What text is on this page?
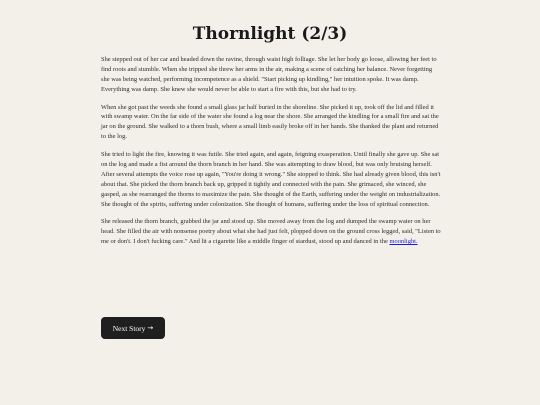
Thornlight (2/3)

She stepped out of her car and headed down the ravine, through waist high folliage. She let her body go loose, allowing her feet to find roots and stumble. When she tripped she threw her arms in the air, making a scene of catching her balance. Never forgetting she was being watched, performing incompetence as a shield. "Start picking up kindling," her intuition spoke. It was damp. Everything was damp. She knew she would never be able to start a fire with this, but she had to try.

When she got past the weeds she found a small glass jar half buried in the shoreline. She picked it up, took off the lid and filled it with swamp water. On the far side of the water she found a log near the shore. She arranged the kindling for a small fire and sat the jar on the ground. She walked to a thorn bush, where a small limb easily broke off in her hands. She thanked the plant and returned to the log.

She tried to light the fire, knowing it was futile. She tried again, and again, feigning exasperation. Until finally she gave up. She sat on the log and made a fist around the thorn branch in her hand. She was attempting to draw blood, but was only bruising herself. After several attempts the voice rose up again, "You're doing it wrong." She stopped to think. She had already given blood, this isn't about that. She picked the thorn branch back up, gripped it tightly and connected with the pain. She grimaced, she winced, she gasped, as she rearranged the thorns to maximize the pain. She thought of the Earth, suffering under the weight on industrialization. She thought of the spirits, suffering under colonization. She thought of humans, suffering under the loss of spiritual connection.

She released the thorn branch, grabbed the jar and stood up. She moved away from the log and dumped the swamp water on her head. She filled the air with nonsense poetry about what she had just felt, plopped down on the ground cross legged, said, "Listen to me or don't. I don't fucking care." And lit a cigarette like a middle finger of stardust, stood up and danced in the moonlight.

Next Story →
